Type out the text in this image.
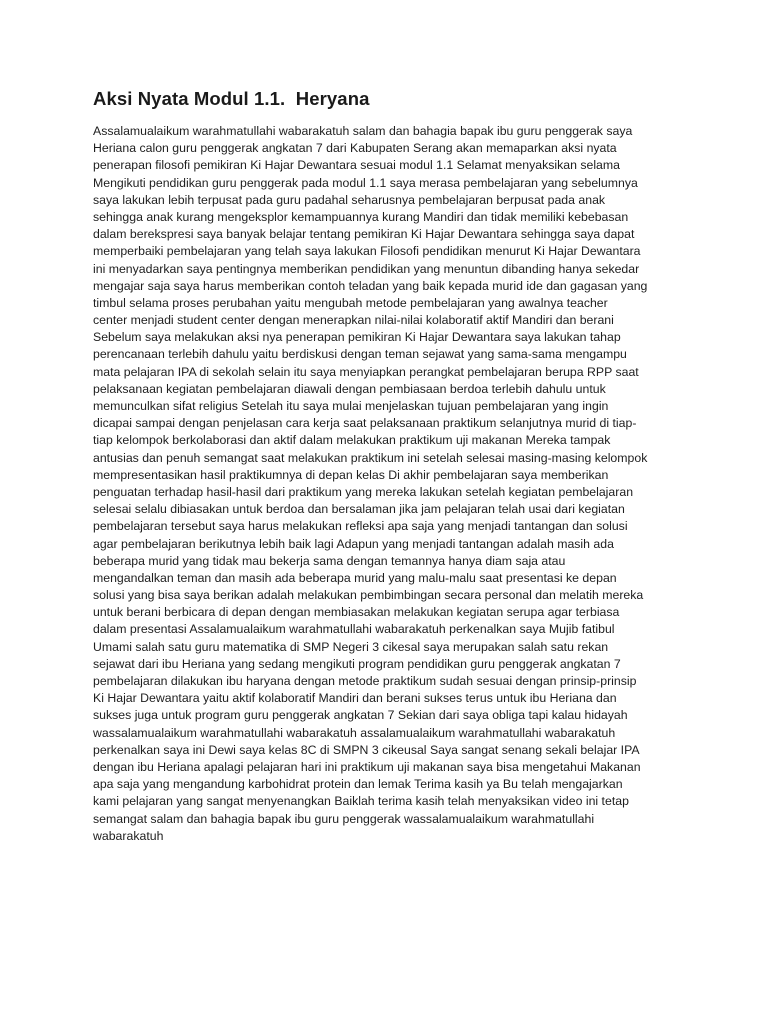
Aksi Nyata Modul 1.1.  Heryana
Assalamualaikum warahmatullahi wabarakatuh salam dan bahagia bapak ibu guru penggerak saya
Heriana calon guru penggerak angkatan 7 dari Kabupaten Serang akan memaparkan aksi nyata
penerapan filosofi pemikiran Ki Hajar Dewantara sesuai modul 1.1 Selamat menyaksikan selama
Mengikuti pendidikan guru penggerak pada modul 1.1 saya merasa pembelajaran yang sebelumnya
saya lakukan lebih terpusat pada guru padahal seharusnya pembelajaran berpusat pada anak
sehingga anak kurang mengeksplor kemampuannya kurang Mandiri dan tidak memiliki kebebasan
dalam berekspresi saya banyak belajar tentang pemikiran Ki Hajar Dewantara sehingga saya dapat
memperbaiki pembelajaran yang telah saya lakukan Filosofi pendidikan menurut Ki Hajar Dewantara
ini menyadarkan saya pentingnya memberikan pendidikan yang menuntun dibanding hanya sekedar
mengajar saja saya harus memberikan contoh teladan yang baik kepada murid ide dan gagasan yang
timbul selama proses perubahan yaitu mengubah metode pembelajaran yang awalnya teacher
center menjadi student center dengan menerapkan nilai-nilai kolaboratif aktif Mandiri dan berani
Sebelum saya melakukan aksi nya penerapan pemikiran Ki Hajar Dewantara saya lakukan tahap
perencanaan terlebih dahulu yaitu berdiskusi dengan teman sejawat yang sama-sama mengampu
mata pelajaran IPA di sekolah selain itu saya menyiapkan perangkat pembelajaran berupa RPP saat
pelaksanaan kegiatan pembelajaran diawali dengan pembiasaan berdoa terlebih dahulu untuk
memunculkan sifat religius Setelah itu saya mulai menjelaskan tujuan pembelajaran yang ingin
dicapai sampai dengan penjelasan cara kerja saat pelaksanaan praktikum selanjutnya murid di tiap-
tiap kelompok berkolaborasi dan aktif dalam melakukan praktikum uji makanan Mereka tampak
antusias dan penuh semangat saat melakukan praktikum ini setelah selesai masing-masing kelompok
mempresentasikan hasil praktikumnya di depan kelas Di akhir pembelajaran saya memberikan
penguatan terhadap hasil-hasil dari praktikum yang mereka lakukan setelah kegiatan pembelajaran
selesai selalu dibiasakan untuk berdoa dan bersalaman jika jam pelajaran telah usai dari kegiatan
pembelajaran tersebut saya harus melakukan refleksi apa saja yang menjadi tantangan dan solusi
agar pembelajaran berikutnya lebih baik lagi Adapun yang menjadi tantangan adalah masih ada
beberapa murid yang tidak mau bekerja sama dengan temannya hanya diam saja atau
mengandalkan teman dan masih ada beberapa murid yang malu-malu saat presentasi ke depan
solusi yang bisa saya berikan adalah melakukan pembimbingan secara personal dan melatih mereka
untuk berani berbicara di depan dengan membiasakan melakukan kegiatan serupa agar terbiasa
dalam presentasi Assalamualaikum warahmatullahi wabarakatuh perkenalkan saya Mujib fatibul
Umami salah satu guru matematika di SMP Negeri 3 cikesal saya merupakan salah satu rekan
sejawat dari ibu Heriana yang sedang mengikuti program pendidikan guru penggerak angkatan 7
pembelajaran dilakukan ibu haryana dengan metode praktikum sudah sesuai dengan prinsip-prinsip
Ki Hajar Dewantara yaitu aktif kolaboratif Mandiri dan berani sukses terus untuk ibu Heriana dan
sukses juga untuk program guru penggerak angkatan 7 Sekian dari saya obliga tapi kalau hidayah
wassalamualaikum warahmatullahi wabarakatuh assalamualaikum warahmatullahi wabarakatuh
perkenalkan saya ini Dewi saya kelas 8C di SMPN 3 cikeusal Saya sangat senang sekali belajar IPA
dengan ibu Heriana apalagi pelajaran hari ini praktikum uji makanan saya bisa mengetahui Makanan
apa saja yang mengandung karbohidrat protein dan lemak Terima kasih ya Bu telah mengajarkan
kami pelajaran yang sangat menyenangkan Baiklah terima kasih telah menyaksikan video ini tetap
semangat salam dan bahagia bapak ibu guru penggerak wassalamualaikum warahmatullahi
wabarakatuh
